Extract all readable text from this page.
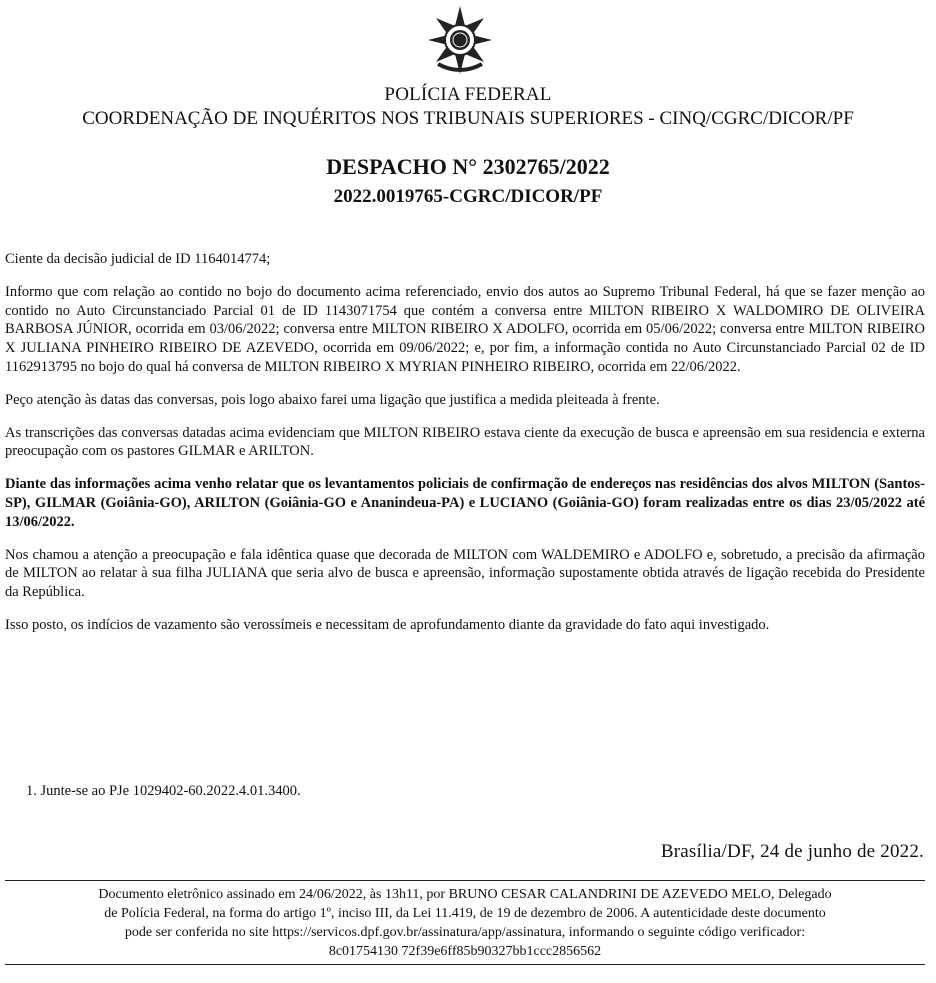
POLÍCIA FEDERAL
COORDENAÇÃO DE INQUÉRITOS NOS TRIBUNAIS SUPERIORES - CINQ/CGRC/DICOR/PF
DESPACHO N° 2302765/2022
2022.0019765-CGRC/DICOR/PF

Ciente da decisão judicial de ID 1164014774;

Informo que com relação ao contido no bojo do documento acima referenciado, envio dos autos ao Supremo Tribunal Federal, há que se fazer menção ao contido no Auto Circunstanciado Parcial 01 de ID 1143071754 que contém a conversa entre MILTON RIBEIRO X WALDOMIRO DE OLIVEIRA BARBOSA JÚNIOR, ocorrida em 03/06/2022; conversa entre MILTON RIBEIRO X ADOLFO, ocorrida em 05/06/2022; conversa entre MILTON RIBEIRO X JULIANA PINHEIRO RIBEIRO DE AZEVEDO, ocorrida em 09/06/2022; e, por fim, a informação contida no Auto Circunstanciado Parcial 02 de ID 1162913795 no bojo do qual há conversa de MILTON RIBEIRO X MYRIAN PINHEIRO RIBEIRO, ocorrida em 22/06/2022.

Peço atenção às datas das conversas, pois logo abaixo farei uma ligação que justifica a medida pleiteada à frente.

As transcrições das conversas datadas acima evidenciam que MILTON RIBEIRO estava ciente da execução de busca e apreensão em sua residencia e externa preocupação com os pastores GILMAR e ARILTON.

Diante das informações acima venho relatar que os levantamentos policiais de confirmação de endereços nas residências dos alvos MILTON (Santos-SP), GILMAR (Goiânia-GO), ARILTON (Goiânia-GO e Ananindeua-PA) e LUCIANO (Goiânia-GO) foram realizadas entre os dias 23/05/2022 até 13/06/2022.

Nos chamou a atenção a preocupação e fala idêntica quase que decorada de MILTON com WALDEMIRO e ADOLFO e, sobretudo, a precisão da afirmação de MILTON ao relatar à sua filha JULIANA que seria alvo de busca e apreensão, informação supostamente obtida através de ligação recebida do Presidente da República.

Isso posto, os indícios de vazamento são verossímeis e necessitam de aprofundamento diante da gravidade do fato aqui investigado.

1. Junte-se ao PJe 1029402-60.2022.4.01.3400.
Brasília/DF, 24 de junho de 2022.
Documento eletrônico assinado em 24/06/2022, às 13h11, por BRUNO CESAR CALANDRINI DE AZEVEDO MELO, Delegado
de Polícia Federal, na forma do artigo 1º, inciso III, da Lei 11.419, de 19 de dezembro de 2006. A autenticidade deste documento
pode ser conferida no site https://servicos.dpf.gov.br/assinatura/app/assinatura, informando o seguinte código verificador:
8c01754130 72f39e6ff85b90327bb1ccc2856562
